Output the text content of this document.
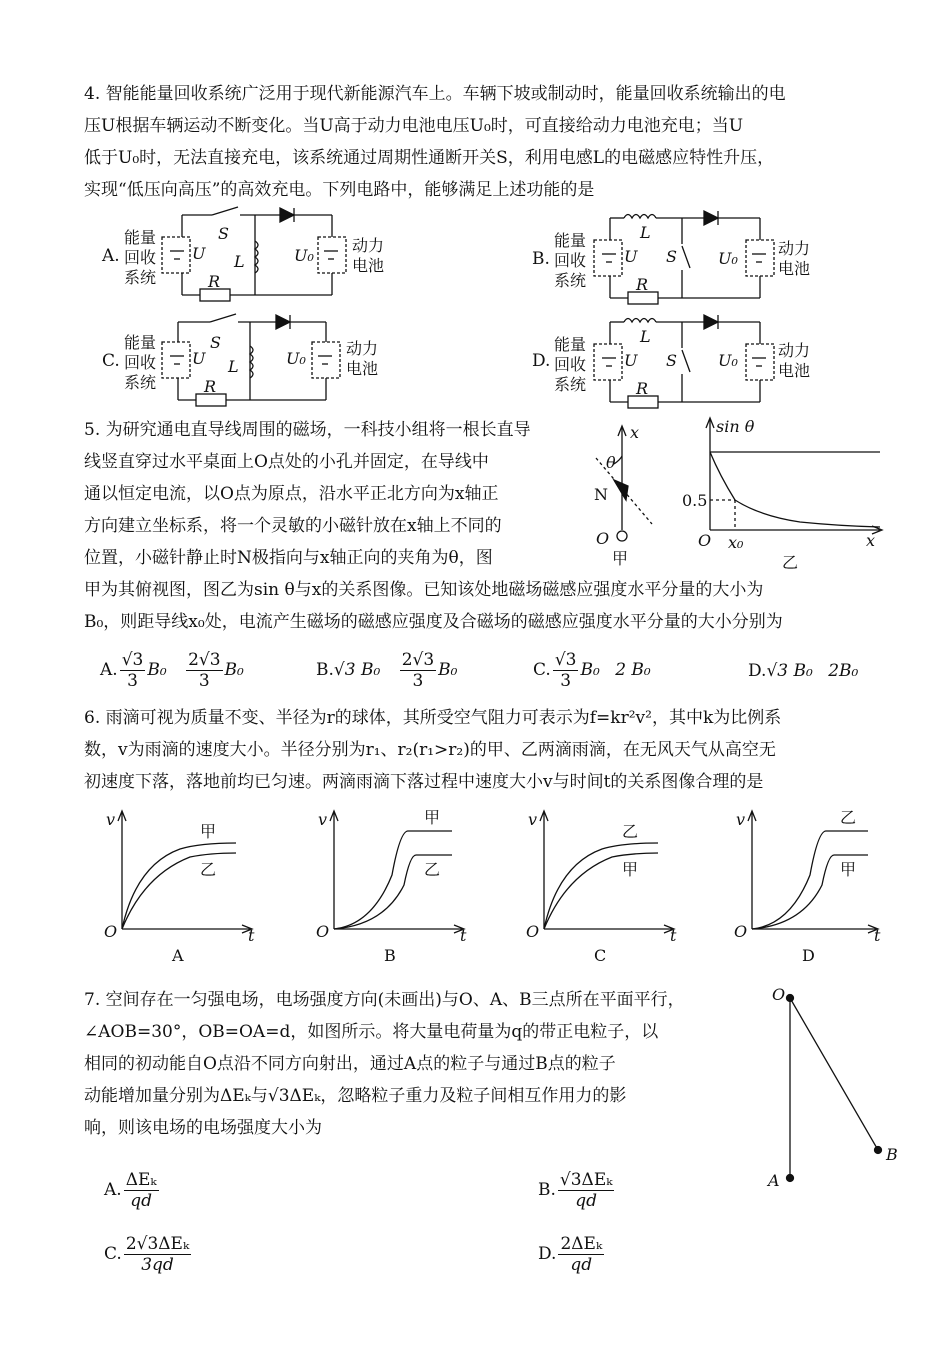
4. 智能能量回收系统广泛用于现代新能源汽车上。车辆下坡或制动时，能量回收系统输出的电
压U根据车辆运动不断变化。当U高于动力电池电压U₀时，可直接给动力电池充电；当U
低于U₀时，无法直接充电，该系统通过周期性通断开关S，利用电感L的电磁感应特性升压，
实现“低压向高压”的高效充电。下列电路中，能够满足上述功能的是
A.
能量
回收
系统
U
S
L
R
U₀
动力
电池	B.
能量
回收
系统
U
L
S
R
U₀
动力
电池
C.
能量
回收
系统
U
S
L
R
U₀
动力
电池	D.
能量
回收
系统
U
L
S
R
U₀
动力
电池
5. 为研究通电直导线周围的磁场，一科技小组将一根长直导
线竖直穿过水平桌面上O点处的小孔并固定，在导线中
通以恒定电流，以O点为原点，沿水平正北方向为x轴正
方向建立坐标系，将一个灵敏的小磁针放在x轴上不同的
位置，小磁针静止时N极指向与x轴正向的夹角为θ，图
甲为其俯视图，图乙为sin θ与x的关系图像。已知该处地磁场磁感应强度水平分量的大小为
B₀，则距导线x₀处，电流产生磁场的磁感应强度及合磁场的磁感应强度水平分量的大小分别为
x
θ
N
O
甲
sin θ
0.5
O x₀	x
乙
A. $\frac{√3}{3} B_0 \frac{2√3}{3} B_0$	B.√3 $B_0 \frac{2√3}{3} B_0$	C. $\frac{√3}{3} B_0$ 2 B₀	D.√3 B₀ 2B₀
6. 雨滴可视为质量不变、半径为r的球体，其所受空气阻力可表示为f=kr²v²，其中k为比例系
数，v为雨滴的速度大小。半径分别为r₁、r₂(r₁>r₂)的甲、乙两滴雨滴，在无风天气从高空无
初速度下落，落地前均已匀速。两滴雨滴下落过程中速度大小v与时间t的关系图像合理的是
v
O	t
甲
乙
A
v
O	t
甲
乙
B
v
O	t
乙
甲
C
v
O	t
乙
甲
D
7. 空间存在一匀强电场，电场强度方向(未画出)与O、A、B三点所在平面平行，
∠AOB=30°，OB=OA=d，如图所示。将大量电荷量为q的带正电粒子，以
相同的初动能自O点沿不同方向射出，通过A点的粒子与通过B点的粒子
动能增加量分别为ΔEₖ与√3ΔEₖ，忽略粒子重力及粒子间相互作用力的影
响，则该电场的电场强度大小为
O
A
B
A. $\frac{\text{ΔEₖ}}{qd}$	B. $\frac{\text{√3ΔEₖ}}{qd}$
C. $\frac{\text{2√3ΔEₖ}}{3qd}$	D. $\frac{\text{2ΔEₖ}}{qd}$
